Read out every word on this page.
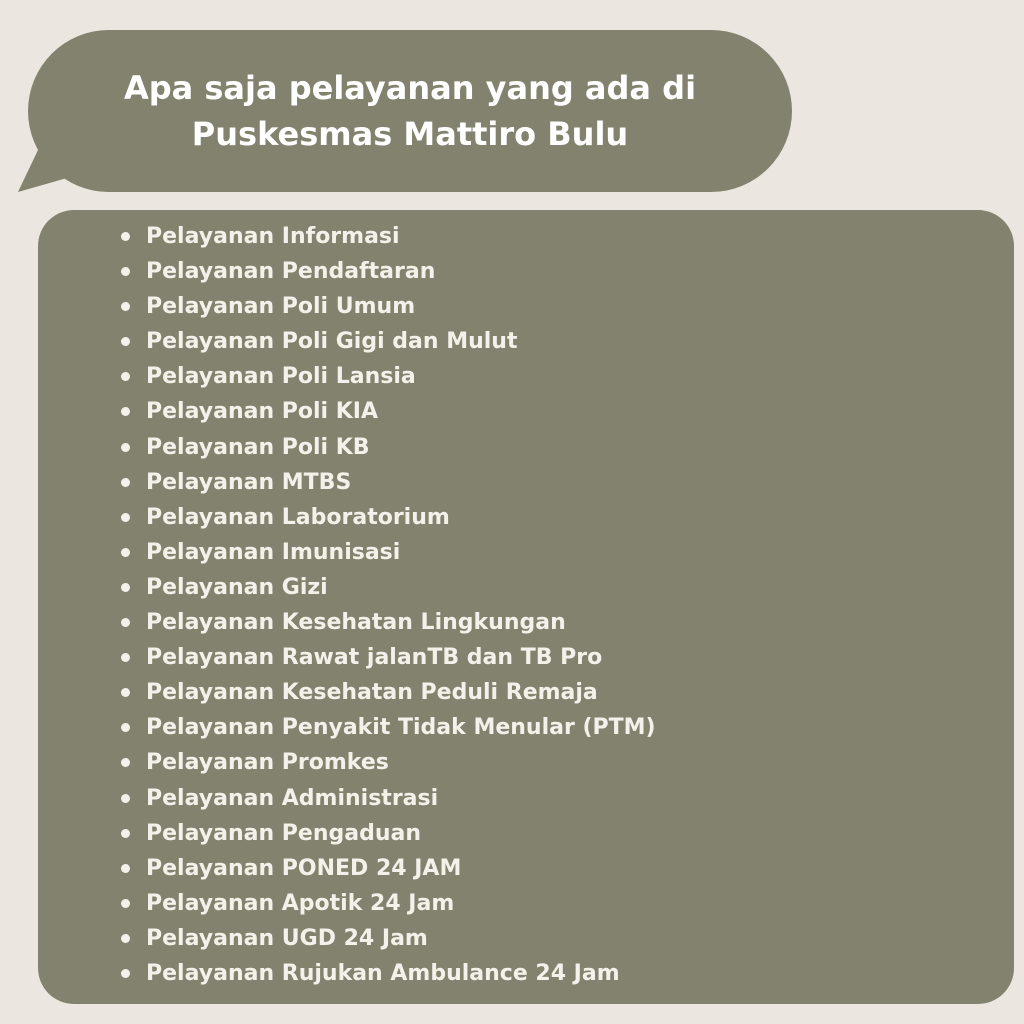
Apa saja pelayanan yang ada di
Puskesmas Mattiro Bulu
Pelayanan Informasi
Pelayanan Pendaftaran
Pelayanan Poli Umum
Pelayanan Poli Gigi dan Mulut
Pelayanan Poli Lansia
Pelayanan Poli KIA
Pelayanan Poli KB
Pelayanan MTBS
Pelayanan Laboratorium
Pelayanan Imunisasi
Pelayanan Gizi
Pelayanan Kesehatan Lingkungan
Pelayanan Rawat jalanTB dan TB Pro
Pelayanan Kesehatan Peduli Remaja
Pelayanan Penyakit Tidak Menular (PTM)
Pelayanan Promkes
Pelayanan Administrasi
Pelayanan Pengaduan
Pelayanan PONED 24 JAM
Pelayanan Apotik 24 Jam
Pelayanan UGD 24 Jam
Pelayanan Rujukan Ambulance 24 Jam
